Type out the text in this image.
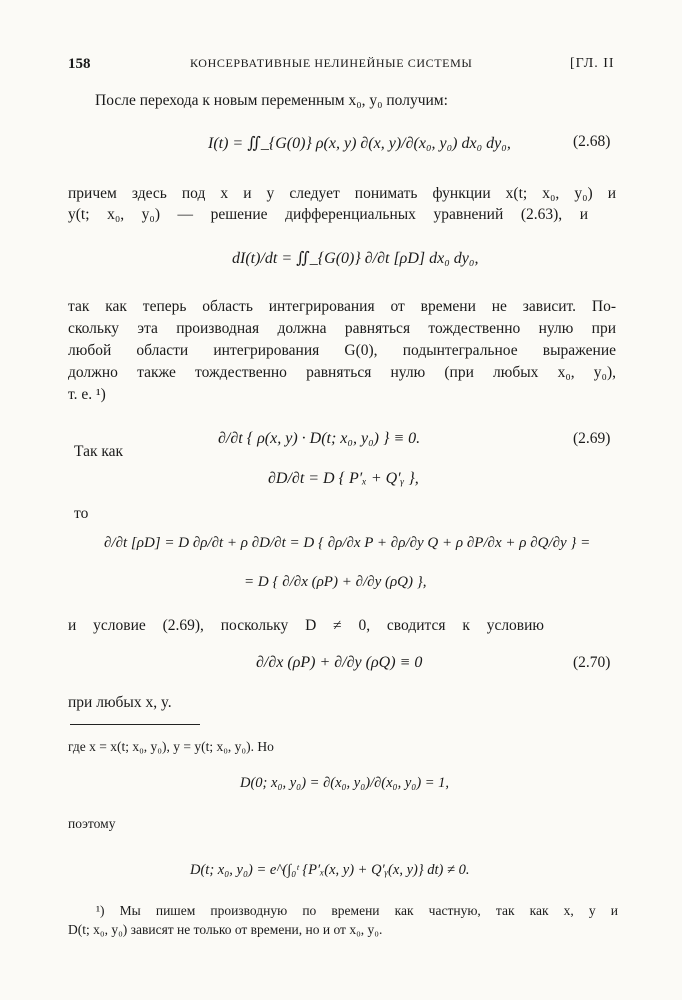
158	КОНСЕРВАТИВНЫЕ НЕЛИНЕЙНЫЕ СИСТЕМЫ	[ГЛ. II
После перехода к новым переменным x₀, y₀ получим:
I(t) = ∬_{G(0)} ρ(x, y) ∂(x, y)/∂(x₀, y₀) dx₀ dy₀,	(2.68)
причем здесь под x и y следует понимать функции x(t; x₀, y₀) и
y(t; x₀, y₀) — решение дифференциальных уравнений (2.63), и
dI(t)/dt = ∬_{G(0)} ∂/∂t [ρD] dx₀ dy₀,
так как теперь область интегрирования от времени не зависит. По-
скольку эта производная должна равняться тождественно нулю при
любой области интегрирования G(0), подынтегральное выражение
должно также тождественно равняться нулю (при любых x₀, y₀),
т. е. ¹)
∂/∂t { ρ(x, y) · D(t; x₀, y₀) } ≡ 0.	(2.69)
Так как
∂D/∂t = D { P′ₓ + Q′ᵧ },
то
∂/∂t [ρD] = D ∂ρ/∂t + ρ ∂D/∂t = D { ∂ρ/∂x P + ∂ρ/∂y Q + ρ ∂P/∂x + ρ ∂Q/∂y } =
= D { ∂/∂x (ρP) + ∂/∂y (ρQ) },
и условие (2.69), поскольку D ≠ 0, сводится к условию
∂/∂x (ρP) + ∂/∂y (ρQ) ≡ 0	(2.70)
при любых x, y.
где x = x(t; x₀, y₀), y = y(t; x₀, y₀). Но
D(0; x₀, y₀) = ∂(x₀, y₀)/∂(x₀, y₀) = 1,
поэтому
D(t; x₀, y₀) = e^(∫₀ᵗ {P′ₓ(x, y) + Q′ᵧ(x, y)} dt) ≠ 0.
¹) Мы пишем производную по времени как частную, так как x, y и
D(t; x₀, y₀) зависят не только от времени, но и от x₀, y₀.
